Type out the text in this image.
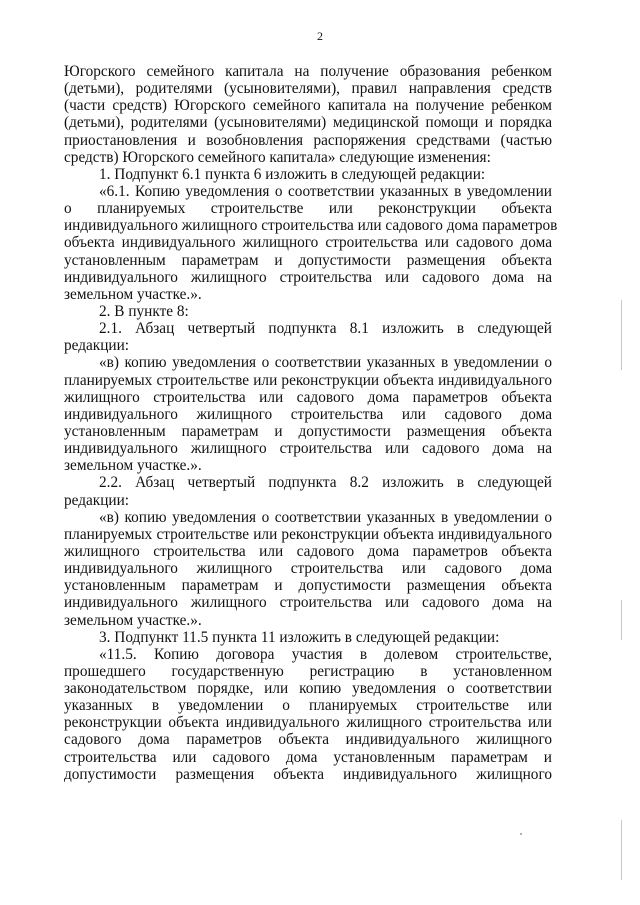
2
Югорского семейного капитала на получение образования ребенком
(детьми), родителями (усыновителями), правил направления средств
(части средств) Югорского семейного капитала на получение ребенком
(детьми), родителями (усыновителями) медицинской помощи и порядка
приостановления и возобновления распоряжения средствами (частью
средств) Югорского семейного капитала» следующие изменения:
1. Подпункт 6.1 пункта 6 изложить в следующей редакции:
«6.1. Копию уведомления о соответствии указанных в уведомлении
о планируемых строительстве или реконструкции объекта
индивидуального жилищного строительства или садового дома параметров
объекта индивидуального жилищного строительства или садового дома
установленным параметрам и допустимости размещения объекта
индивидуального жилищного строительства или садового дома на
земельном участке.».
2. В пункте 8:
2.1. Абзац четвертый подпункта 8.1 изложить в следующей
редакции:
«в) копию уведомления о соответствии указанных в уведомлении о
планируемых строительстве или реконструкции объекта индивидуального
жилищного строительства или садового дома параметров объекта
индивидуального жилищного строительства или садового дома
установленным параметрам и допустимости размещения объекта
индивидуального жилищного строительства или садового дома на
земельном участке.».
2.2. Абзац четвертый подпункта 8.2 изложить в следующей
редакции:
«в) копию уведомления о соответствии указанных в уведомлении о
планируемых строительстве или реконструкции объекта индивидуального
жилищного строительства или садового дома параметров объекта
индивидуального жилищного строительства или садового дома
установленным параметрам и допустимости размещения объекта
индивидуального жилищного строительства или садового дома на
земельном участке.».
3. Подпункт 11.5 пункта 11 изложить в следующей редакции:
«11.5. Копию договора участия в долевом строительстве,
прошедшего государственную регистрацию в установленном
законодательством порядке, или копию уведомления о соответствии
указанных в уведомлении о планируемых строительстве или
реконструкции объекта индивидуального жилищного строительства или
садового дома параметров объекта индивидуального жилищного
строительства или садового дома установленным параметрам и
допустимости размещения объекта индивидуального жилищного
